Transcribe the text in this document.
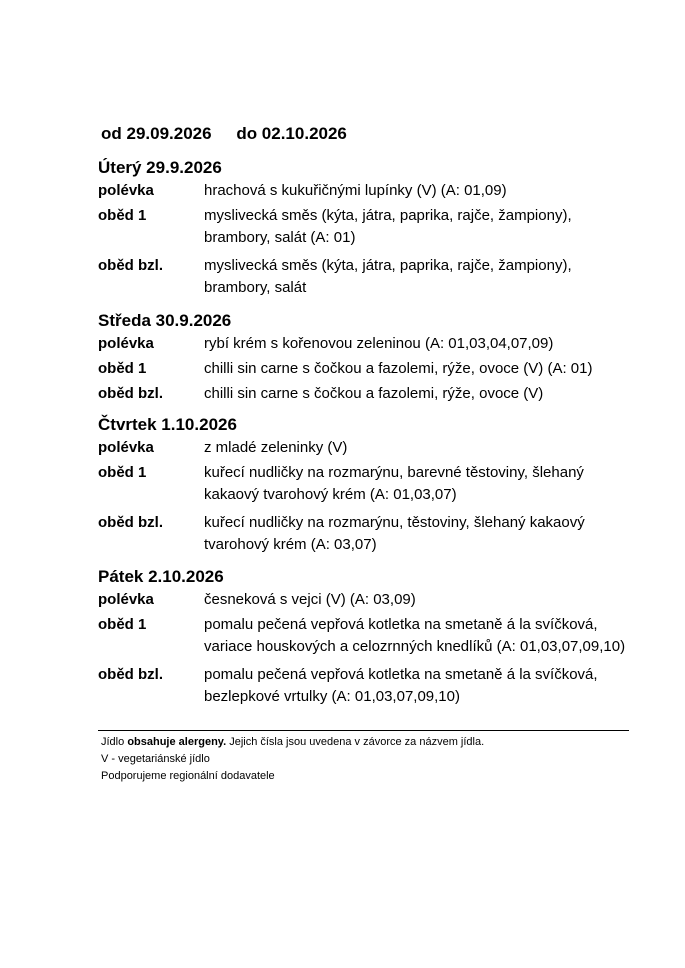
od 29.09.2026 do 02.10.2026
Úterý 29.9.2026
polévka	hrachová s kukuřičnými lupínky (V) (A: 01,09)
oběd 1	myslivecká směs (kýta, játra, paprika, rajče, žampiony), brambory, salát (A: 01)
oběd bzl.	myslivecká směs (kýta, játra, paprika, rajče, žampiony), brambory, salát
Středa 30.9.2026
polévka	rybí krém s kořenovou zeleninou (A: 01,03,04,07,09)
oběd 1	chilli sin carne s čočkou a fazolemi, rýže, ovoce (V) (A: 01)
oběd bzl.	chilli sin carne s čočkou a fazolemi, rýže, ovoce (V)
Čtvrtek 1.10.2026
polévka	z mladé zeleninky (V)
oběd 1	kuřecí nudličky na rozmarýnu, barevné těstoviny, šlehaný kakaový tvarohový krém (A: 01,03,07)
oběd bzl.	kuřecí nudličky na rozmarýnu, těstoviny, šlehaný kakaový tvarohový krém (A: 03,07)
Pátek 2.10.2026
polévka	česneková s vejci (V) (A: 03,09)
oběd 1	pomalu pečená vepřová kotletka na smetaně á la svíčková, variace houskových a celozrnných knedlíků (A: 01,03,07,09,10)
oběd bzl.	pomalu pečená vepřová kotletka na smetaně á la svíčková, bezlepkové vrtulky (A: 01,03,07,09,10)
Jídlo obsahuje alergeny. Jejich čísla jsou uvedena v závorce za názvem jídla.
V - vegetariánské jídlo
Podporujeme regionální dodavatele
